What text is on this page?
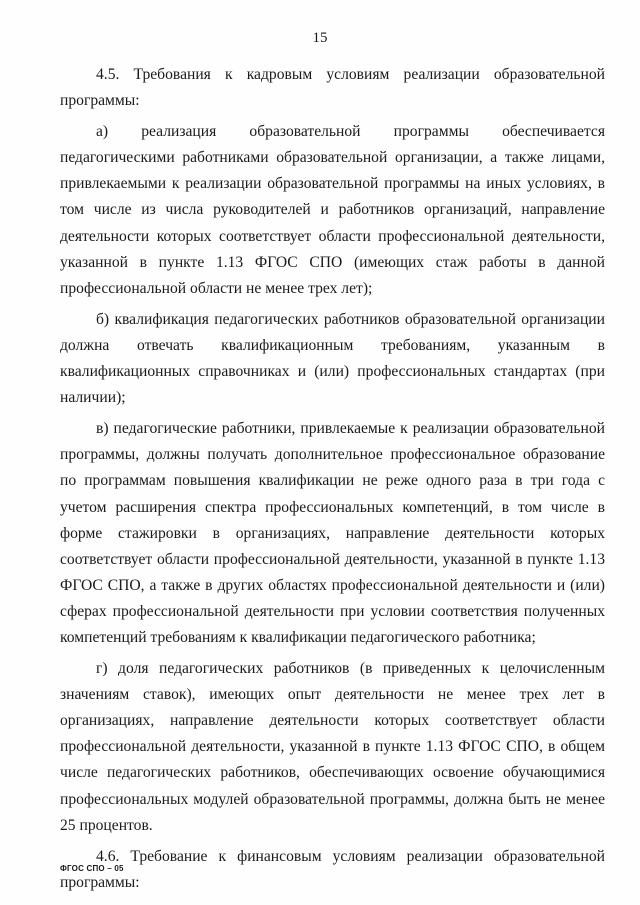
15

4.5. Требования к кадровым условиям реализации образовательной программы:

а) реализация образовательной программы обеспечивается педагогическими работниками образовательной организации, а также лицами, привлекаемыми к реализации образовательной программы на иных условиях, в том числе из числа руководителей и работников организаций, направление деятельности которых соответствует области профессиональной деятельности, указанной в пункте 1.13 ФГОС СПО (имеющих стаж работы в данной профессиональной области не менее трех лет);

б) квалификация педагогических работников образовательной организации должна отвечать квалификационным требованиям, указанным в квалификационных справочниках и (или) профессиональных стандартах (при наличии);

в) педагогические работники, привлекаемые к реализации образовательной программы, должны получать дополнительное профессиональное образование по программам повышения квалификации не реже одного раза в три года с учетом расширения спектра профессиональных компетенций, в том числе в форме стажировки в организациях, направление деятельности которых соответствует области профессиональной деятельности, указанной в пункте 1.13 ФГОС СПО, а также в других областях профессиональной деятельности и (или) сферах профессиональной деятельности при условии соответствия полученных компетенций требованиям к квалификации педагогического работника;

г) доля педагогических работников (в приведенных к целочисленным значениям ставок), имеющих опыт деятельности не менее трех лет в организациях, направление деятельности которых соответствует области профессиональной деятельности, указанной в пункте 1.13 ФГОС СПО, в общем числе педагогических работников, обеспечивающих освоение обучающимися профессиональных модулей образовательной программы, должна быть не менее 25 процентов.

4.6. Требование к финансовым условиям реализации образовательной программы:

ФГОС СПО – 05
